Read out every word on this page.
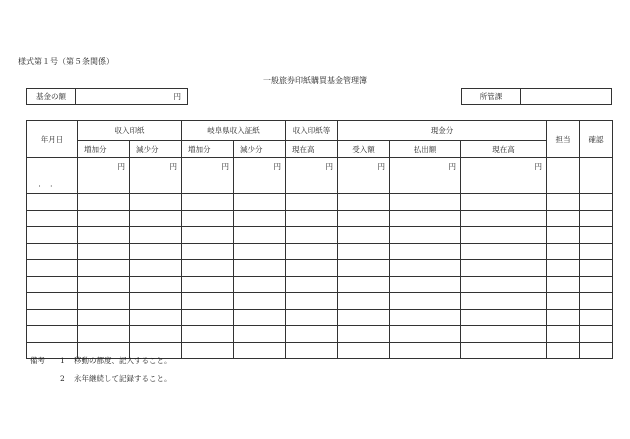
様式第１号（第５条関係）
一般旅券印紙購買基金管理簿
基金の額	円	所管課
年月日	収入印紙		岐阜県収入証紙		収入印紙等	現金分			担当	確認
	増加分	減少分	増加分	減少分	現在高	受入額	払出額	現在高		
．．	円	円	円	円	円	円	円	円		

備考 1 移動の都度、記入すること。
2 永年継続して記録すること。
